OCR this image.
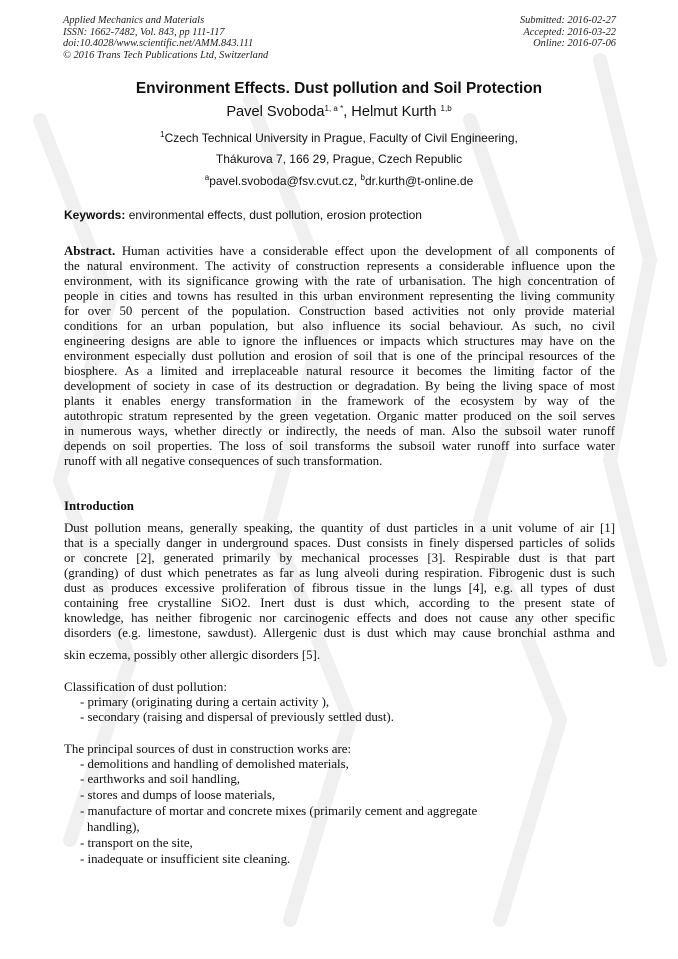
Applied Mechanics and Materials
ISSN: 1662-7482, Vol. 843, pp 111-117
doi:10.4028/www.scientific.net/AMM.843.111
© 2016 Trans Tech Publications Ltd, Switzerland
Submitted: 2016-02-27
Accepted: 2016-03-22
Online: 2016-07-06
Environment Effects. Dust pollution and Soil Protection
Pavel Svoboda$^{1, a *}$, Helmut Kurth $^{1,b}$
$^1$Czech Technical University in Prague, Faculty of Civil Engineering,
Thákurova 7, 166 29, Prague, Czech Republic
$^a$pavel.svoboda@fsv.cvut.cz, $^b$dr.kurth@t-online.de
Keywords: environmental effects, dust pollution, erosion protection
Abstract. Human activities have a considerable effect upon the development of all components of
the natural environment. The activity of construction represents a considerable influence upon the
environment, with its significance growing with the rate of urbanisation. The high concentration of
people in cities and towns has resulted in this urban environment representing the living community
for over 50 percent of the population. Construction based activities not only provide material
conditions for an urban population, but also influence its social behaviour. As such, no civil
engineering designs are able to ignore the influences or impacts which structures may have on the
environment especially dust pollution and erosion of soil that is one of the principal resources of the
biosphere. As a limited and irreplaceable natural resource it becomes the limiting factor of the
development of society in case of its destruction or degradation. By being the living space of most
plants it enables energy transformation in the framework of the ecosystem by way of the
autothropic stratum represented by the green vegetation. Organic matter produced on the soil serves
in numerous ways, whether directly or indirectly, the needs of man. Also the subsoil water runoff
depends on soil properties. The loss of soil transforms the subsoil water runoff into surface water
runoff with all negative consequences of such transformation.
Introduction
Dust pollution means, generally speaking, the quantity of dust particles in a unit volume of air [1]
that is a specially danger in underground spaces. Dust consists in finely dispersed particles of solids
or concrete [2], generated primarily by mechanical processes [3]. Respirable dust is that part
(granding) of dust which penetrates as far as lung alveoli during respiration. Fibrogenic dust is such
dust as produces excessive proliferation of fibrous tissue in the lungs [4], e.g. all types of dust
containing free crystalline SiO2. Inert dust is dust which, according to the present state of
knowledge, has neither fibrogenic nor carcinogenic effects and does not cause any other specific
disorders (e.g. limestone, sawdust). Allergenic dust is dust which may cause bronchial asthma and
skin eczema, possibly other allergic disorders [5].
Classification of dust pollution:
- primary (originating during a certain activity ),
- secondary (raising and dispersal of previously settled dust).
The principal sources of dust in construction works are:
- demolitions and handling of demolished materials,
- earthworks and soil handling,
- stores and dumps of loose materials,
- manufacture of mortar and concrete mixes (primarily cement and aggregate
handling),
- transport on the site,
- inadequate or insufficient site cleaning.
